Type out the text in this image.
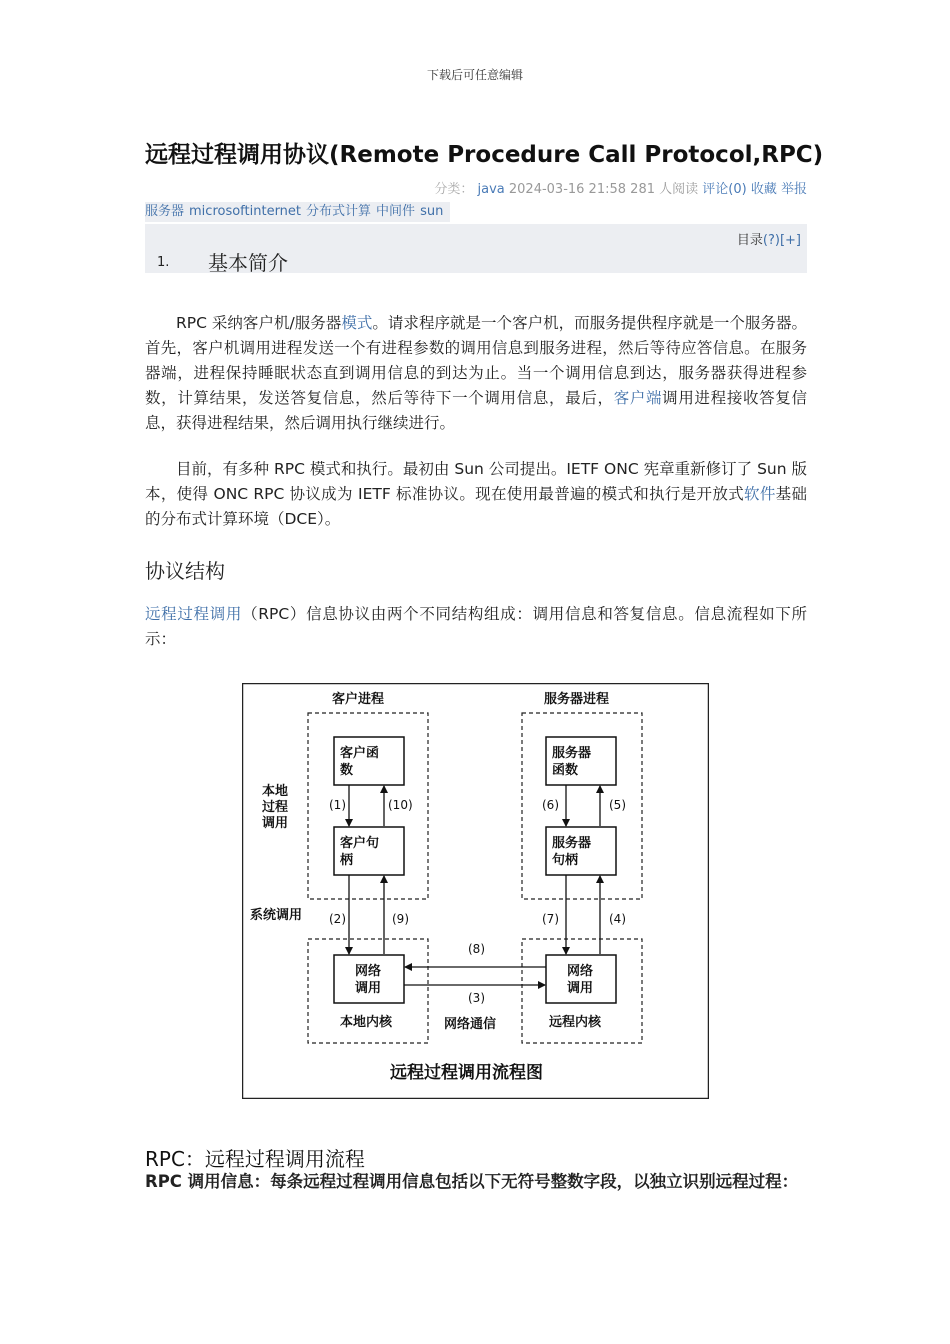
下载后可任意编辑
远程过程调用协议(Remote Procedure Call Protocol,RPC)
分类： java 2024-03-16 21:58 281 人阅读 评论(0) 收藏 举报
服务器 microsoftinternet 分布式计算 中间件 sun
目录(?)[+]
1. 基本简介
RPC 采纳客户机/服务器模式。请求程序就是一个客户机，而服务提供程序就是一个服务器。首先，客户机调用进程发送一个有进程参数的调用信息到服务进程，然后等待应答信息。在服务器端，进程保持睡眠状态直到调用信息的到达为止。当一个调用信息到达，服务器获得进程参数，计算结果，发送答复信息，然后等待下一个调用信息，最后，客户端调用进程接收答复信息，获得进程结果，然后调用执行继续进行。
目前，有多种 RPC 模式和执行。最初由 Sun 公司提出。IETF ONC 宪章重新修订了 Sun 版本，使得 ONC RPC 协议成为 IETF 标准协议。现在使用最普遍的模式和执行是开放式软件基础的分布式计算环境（DCE）。
协议结构
远程过程调用（RPC）信息协议由两个不同结构组成：调用信息和答复信息。信息流程如下所示：
客户进程	服务器进程
客户函
数
服务器
函数
客户句
柄
服务器
句柄
本地
过程
调用
系统调用
网络
调用
网络
调用
本地内核	网络通信	远程内核
远程过程调用流程图
(1)	(10)
(2)	(9)
(8)
(3)
(7)	(4)
(6)	(5)
RPC：远程过程调用流程
RPC 调用信息：每条远程过程调用信息包括以下无符号整数字段，以独立识别远程过程：
